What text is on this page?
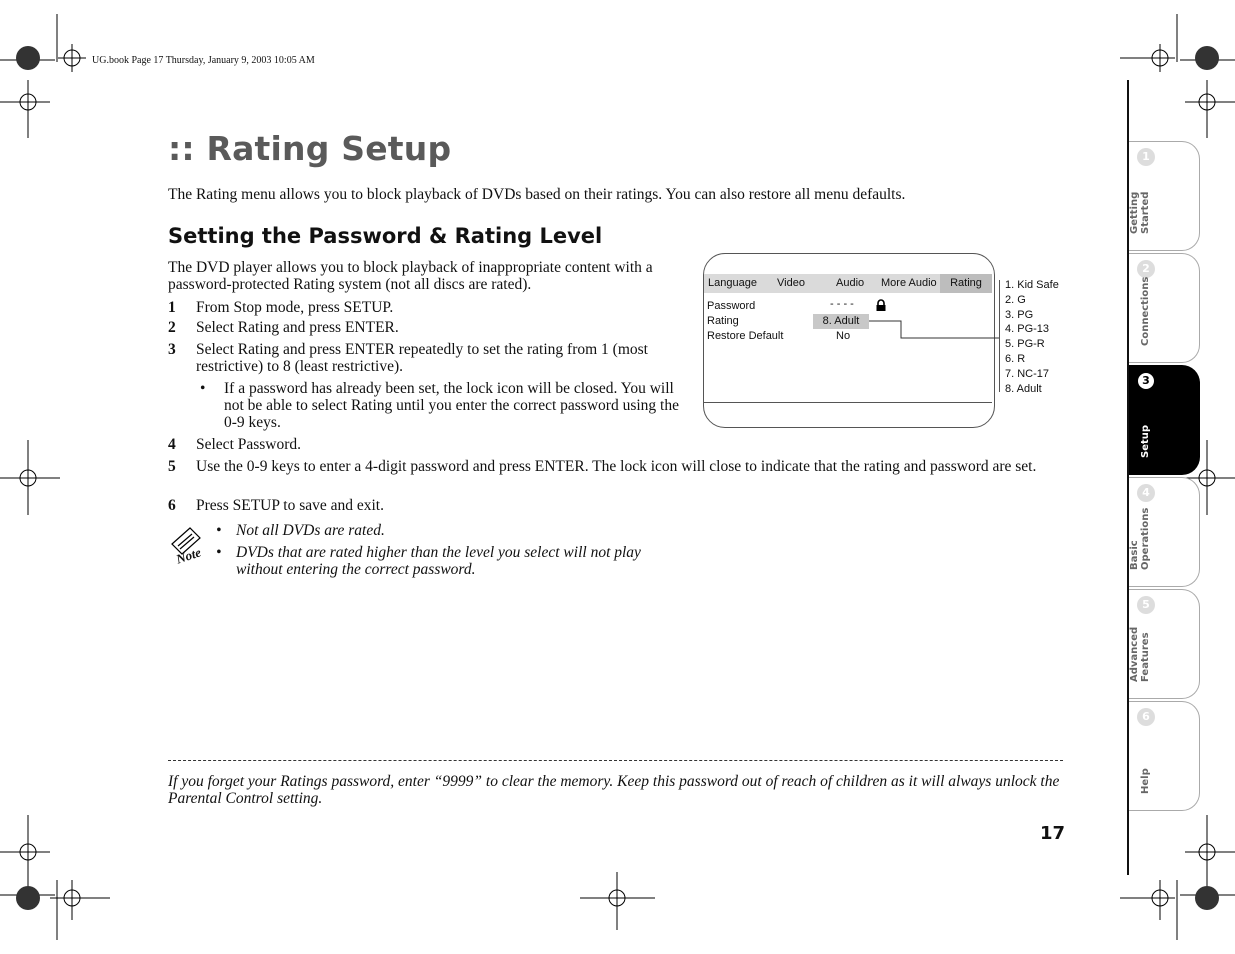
UG.book Page 17 Thursday, January 9, 2003 10:05 AM
:: Rating Setup
The Rating menu allows you to block playback of DVDs based on their ratings. You can also restore all menu defaults.
Setting the Password & Rating Level
The DVD player allows you to block playback of inappropriate content with a password-protected Rating system (not all discs are rated).
1 From Stop mode, press SETUP.
2 Select Rating and press ENTER.
3 Select Rating and press ENTER repeatedly to set the rating from 1 (most restrictive) to 8 (least restrictive).
• If a password has already been set, the lock icon will be closed. You will not be able to select Rating until you enter the correct password using the 0-9 keys.
4 Select Password.
5 Use the 0-9 keys to enter a 4-digit password and press ENTER. The lock icon will close to indicate that the rating and password are set.
6 Press SETUP to save and exit.
Note
• Not all DVDs are rated.
• DVDs that are rated higher than the level you select will not play without entering the correct password.
Language Video	Audio More Audio	Rating
Password	- - - -
Rating	8. Adult
Restore Default	No
1. Kid Safe
2. G
3. PG
4. PG-13
5. PG-R
6. R
7. NC-17
8. Adult
If you forget your Ratings password, enter “9999” to clear the memory. Keep this password out of reach of children as it will always unlock the Parental Control setting.
17
1
Getting Started
2
Connections
3
Setup
4
Basic Operations
5
Advanced Features
6
Help
